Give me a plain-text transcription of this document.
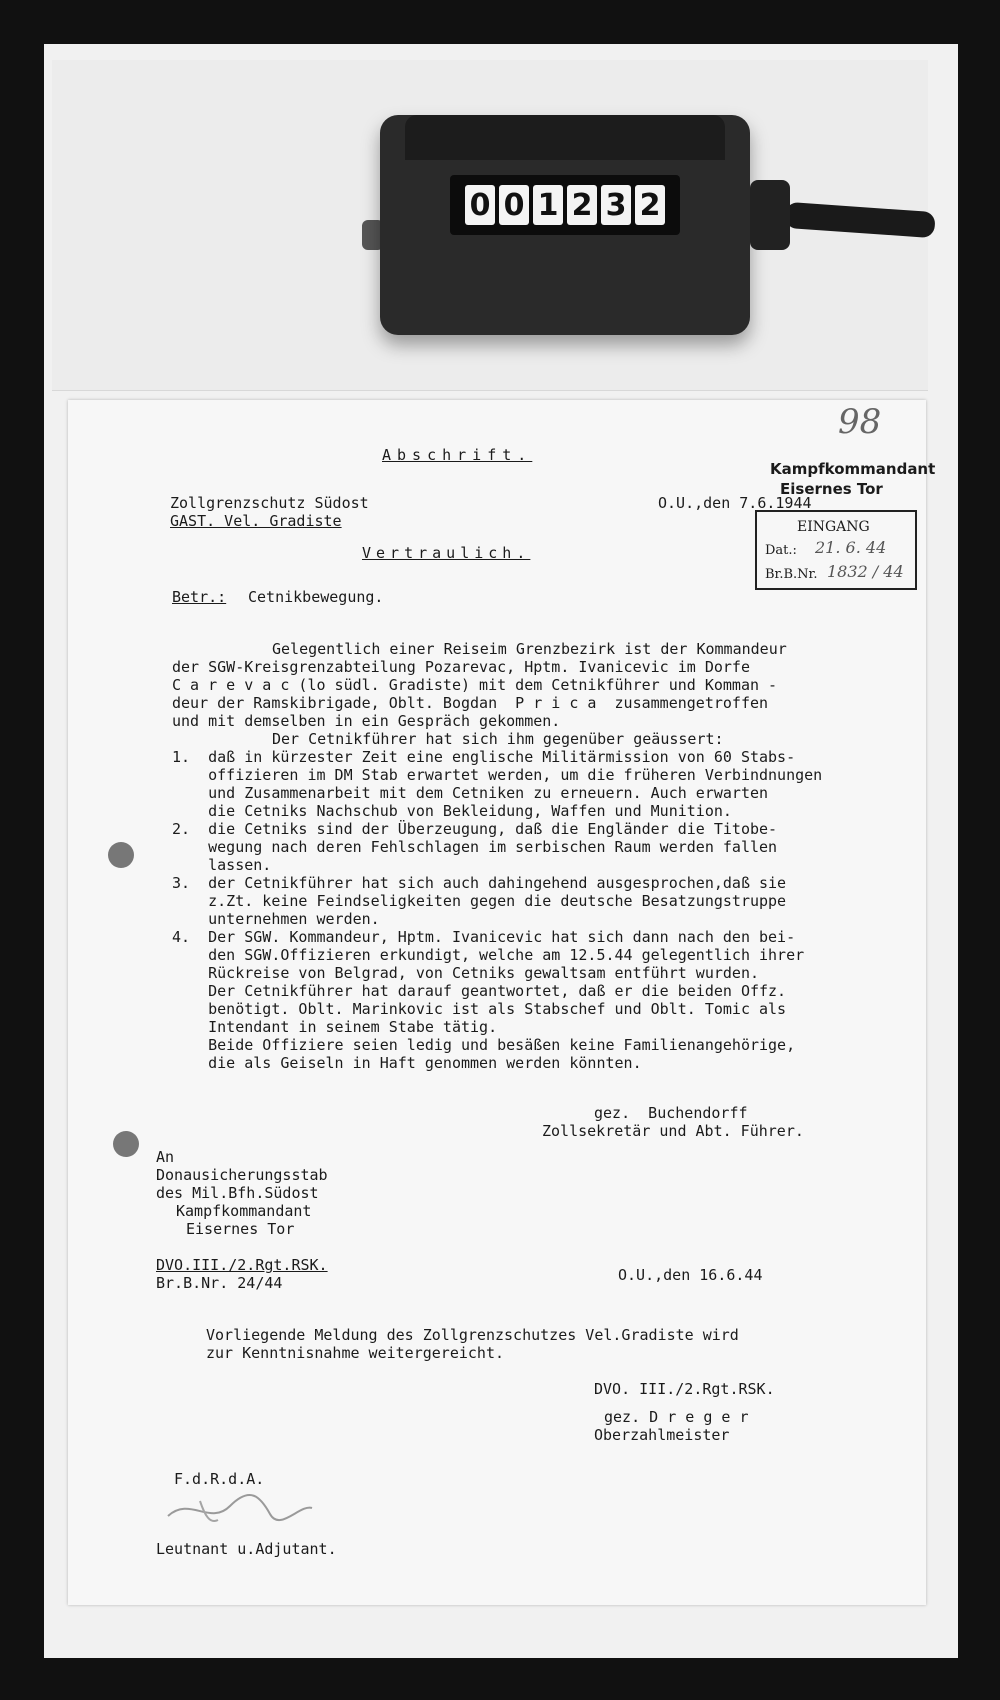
0 0 1 2 3 2
98
Kampfkommandant
Eisernes Tor
EINGANG
Dat.: 21. 6. 44
Br.B.Nr. 1832 / 44
Abschrift.
Zollgrenzschutz Südost
GAST. Vel. Gradiste
O.U.,den 7.6.1944
Vertraulich.
Betr.: Cetnikbewegung.
Gelegentlich einer Reiseim Grenzbezirk ist der Kommandeur
der SGW-Kreisgrenzabteilung Pozarevac, Hptm. Ivanicevic im Dorfe
C a r e v a c (lo südl. Gradiste) mit dem Cetnikführer und Komman -
deur der Ramskibrigade, Oblt. Bogdan  P r i c a  zusammengetroffen
und mit demselben in ein Gespräch gekommen.
Der Cetnikführer hat sich ihm gegenüber geäussert:
1.  daß in kürzester Zeit eine englische Militärmission von 60 Stabs-
offizieren im DM Stab erwartet werden, um die früheren Verbindnungen
und Zusammenarbeit mit dem Cetniken zu erneuern. Auch erwarten
die Cetniks Nachschub von Bekleidung, Waffen und Munition.
2.  die Cetniks sind der Überzeugung, daß die Engländer die Titobe-
wegung nach deren Fehlschlagen im serbischen Raum werden fallen
lassen.
3.  der Cetnikführer hat sich auch dahingehend ausgesprochen,daß sie
z.Zt. keine Feindseligkeiten gegen die deutsche Besatzungstruppe
unternehmen werden.
4.  Der SGW. Kommandeur, Hptm. Ivanicevic hat sich dann nach den bei-
den SGW.Offizieren erkundigt, welche am 12.5.44 gelegentlich ihrer
Rückreise von Belgrad, von Cetniks gewaltsam entführt wurden.
Der Cetnikführer hat darauf geantwortet, daß er die beiden Offz.
benötigt. Oblt. Marinkovic ist als Stabschef und Oblt. Tomic als
Intendant in seinem Stabe tätig.
Beide Offiziere seien ledig und besäßen keine Familienangehörige,
die als Geiseln in Haft genommen werden könnten.
gez.  Buchendorff
Zollsekretär und Abt. Führer.
An
Donausicherungsstab
des Mil.Bfh.Südost
Kampfkommandant
Eisernes Tor
DVO.III./2.Rgt.RSK.
Br.B.Nr. 24/44	O.U.,den 16.6.44
Vorliegende Meldung des Zollgrenzschutzes Vel.Gradiste wird
zur Kenntnisnahme weitergereicht.
DVO. III./2.Rgt.RSK.
gez. D r e g e r
Oberzahlmeister
F.d.R.d.A.
Leutnant u.Adjutant.
